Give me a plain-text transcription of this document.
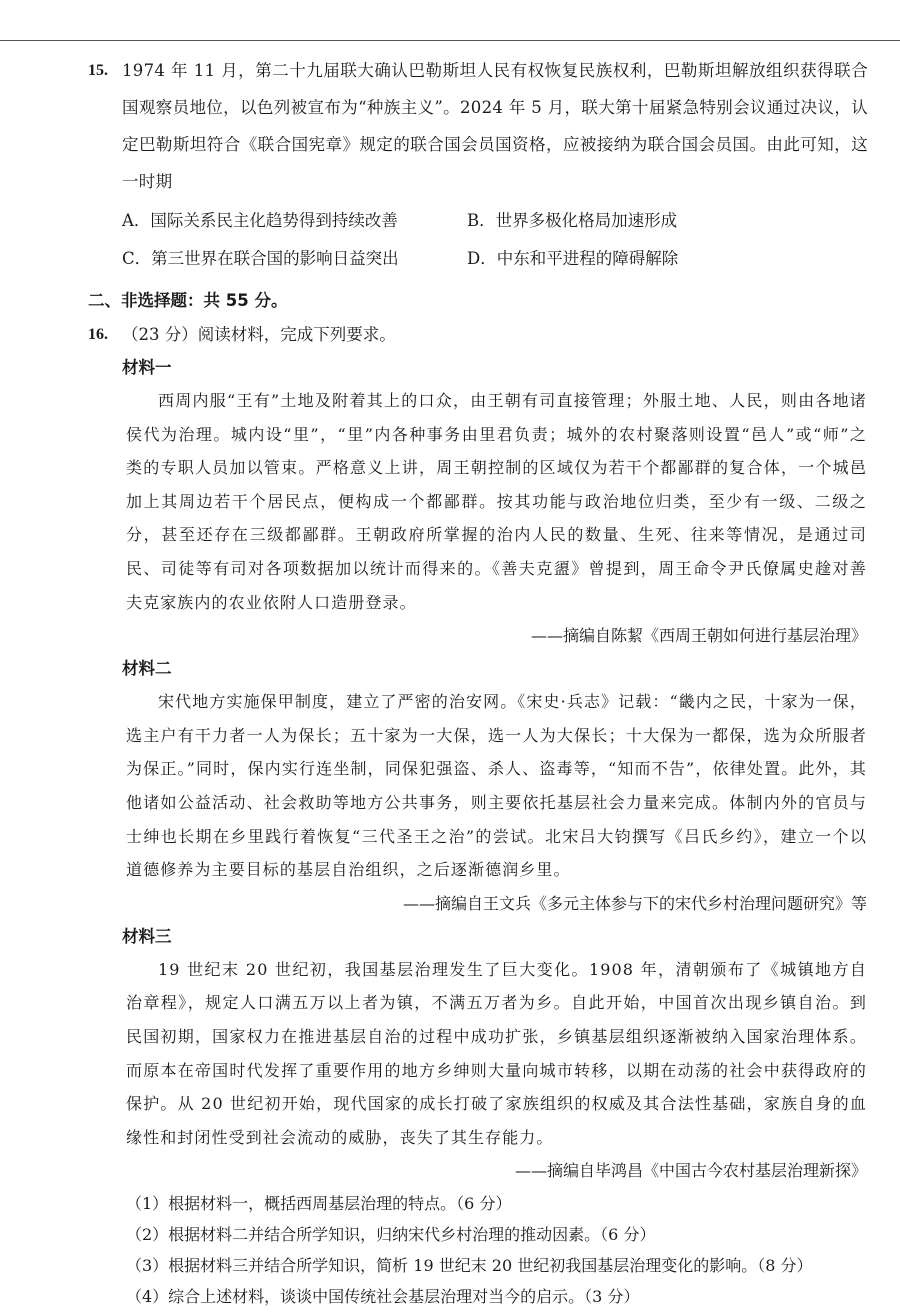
15. 1974 年 11 月，第二十九届联大确认巴勒斯坦人民有权恢复民族权利，巴勒斯坦解放组织获得联合国观察员地位，以色列被宣布为“种族主义”。2024 年 5 月，联大第十届紧急特别会议通过决议，认定巴勒斯坦符合《联合国宪章》规定的联合国会员国资格，应被接纳为联合国会员国。由此可知，这一时期
A．国际关系民主化趋势得到持续改善	B．世界多极化格局加速形成
C．第三世界在联合国的影响日益突出	D．中东和平进程的障碍解除
二、非选择题：共 55 分。
16. （23 分）阅读材料，完成下列要求。
材料一
西周内服“王有”土地及附着其上的口众，由王朝有司直接管理；外服土地、人民，则由各地诸侯代为治理。城内设“里”，“里”内各种事务由里君负责；城外的农村聚落则设置“邑人”或“师”之类的专职人员加以管束。严格意义上讲，周王朝控制的区域仅为若干个都鄙群的复合体，一个城邑加上其周边若干个居民点，便构成一个都鄙群。按其功能与政治地位归类，至少有一级、二级之分，甚至还存在三级都鄙群。王朝政府所掌握的治内人民的数量、生死、往来等情况，是通过司民、司徒等有司对各项数据加以统计而得来的。《善夫克盨》曾提到，周王命令尹氏僚属史趛对善夫克家族内的农业依附人口造册登录。
——摘编自陈絜《西周王朝如何进行基层治理》
材料二
宋代地方实施保甲制度，建立了严密的治安网。《宋史·兵志》记载：“畿内之民，十家为一保，选主户有干力者一人为保长；五十家为一大保，选一人为大保长；十大保为一都保，选为众所服者为保正。”同时，保内实行连坐制，同保犯强盗、杀人、盗毒等，“知而不告”，依律处置。此外，其他诸如公益活动、社会救助等地方公共事务，则主要依托基层社会力量来完成。体制内外的官员与士绅也长期在乡里践行着恢复“三代圣王之治”的尝试。北宋吕大钧撰写《吕氏乡约》，建立一个以道德修养为主要目标的基层自治组织，之后逐渐德润乡里。
——摘编自王文兵《多元主体参与下的宋代乡村治理问题研究》等
材料三
19 世纪末 20 世纪初，我国基层治理发生了巨大变化。1908 年，清朝颁布了《城镇地方自治章程》，规定人口满五万以上者为镇，不满五万者为乡。自此开始，中国首次出现乡镇自治。到民国初期，国家权力在推进基层自治的过程中成功扩张，乡镇基层组织逐渐被纳入国家治理体系。而原本在帝国时代发挥了重要作用的地方乡绅则大量向城市转移，以期在动荡的社会中获得政府的保护。从 20 世纪初开始，现代国家的成长打破了家族组织的权威及其合法性基础，家族自身的血缘性和封闭性受到社会流动的威胁，丧失了其生存能力。
——摘编自毕鸿昌《中国古今农村基层治理新探》
（1）根据材料一，概括西周基层治理的特点。（6 分）
（2）根据材料二并结合所学知识，归纳宋代乡村治理的推动因素。（6 分）
（3）根据材料三并结合所学知识，简析 19 世纪末 20 世纪初我国基层治理变化的影响。（8 分）
（4）综合上述材料，谈谈中国传统社会基层治理对当今的启示。（3 分）
